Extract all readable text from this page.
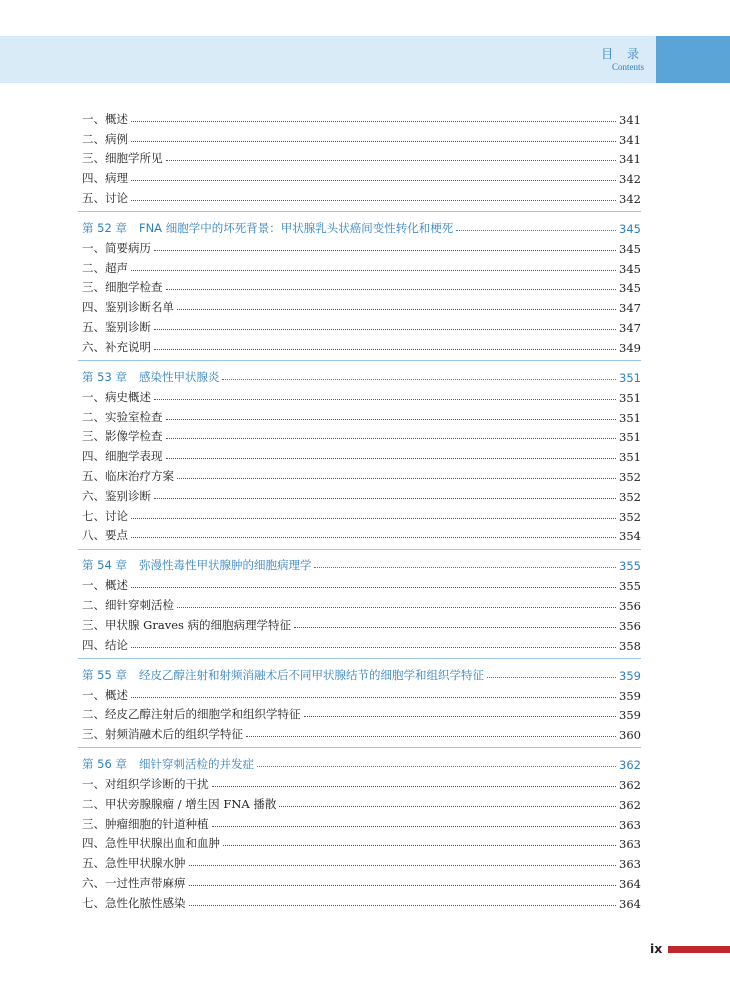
目 录
Contents
一、概述	341
二、病例	341
三、细胞学所见	341
四、病理	342
五、讨论	342
第 52 章 FNA 细胞学中的坏死背景：甲状腺乳头状癌间变性转化和梗死	345
一、简要病历	345
二、超声	345
三、细胞学检查	345
四、鉴别诊断名单	347
五、鉴别诊断	347
六、补充说明	349
第 53 章 感染性甲状腺炎	351
一、病史概述	351
二、实验室检查	351
三、影像学检查	351
四、细胞学表现	351
五、临床治疗方案	352
六、鉴别诊断	352
七、讨论	352
八、要点	354
第 54 章 弥漫性毒性甲状腺肿的细胞病理学	355
一、概述	355
二、细针穿刺活检	356
三、甲状腺 Graves 病的细胞病理学特征	356
四、结论	358
第 55 章 经皮乙醇注射和射频消融术后不同甲状腺结节的细胞学和组织学特征	359
一、概述	359
二、经皮乙醇注射后的细胞学和组织学特征	359
三、射频消融术后的组织学特征	360
第 56 章 细针穿刺活检的并发症	362
一、对组织学诊断的干扰	362
二、甲状旁腺腺瘤 / 增生因 FNA 播散	362
三、肿瘤细胞的针道种植	363
四、急性甲状腺出血和血肿	363
五、急性甲状腺水肿	363
六、一过性声带麻痹	364
七、急性化脓性感染	364
ix
